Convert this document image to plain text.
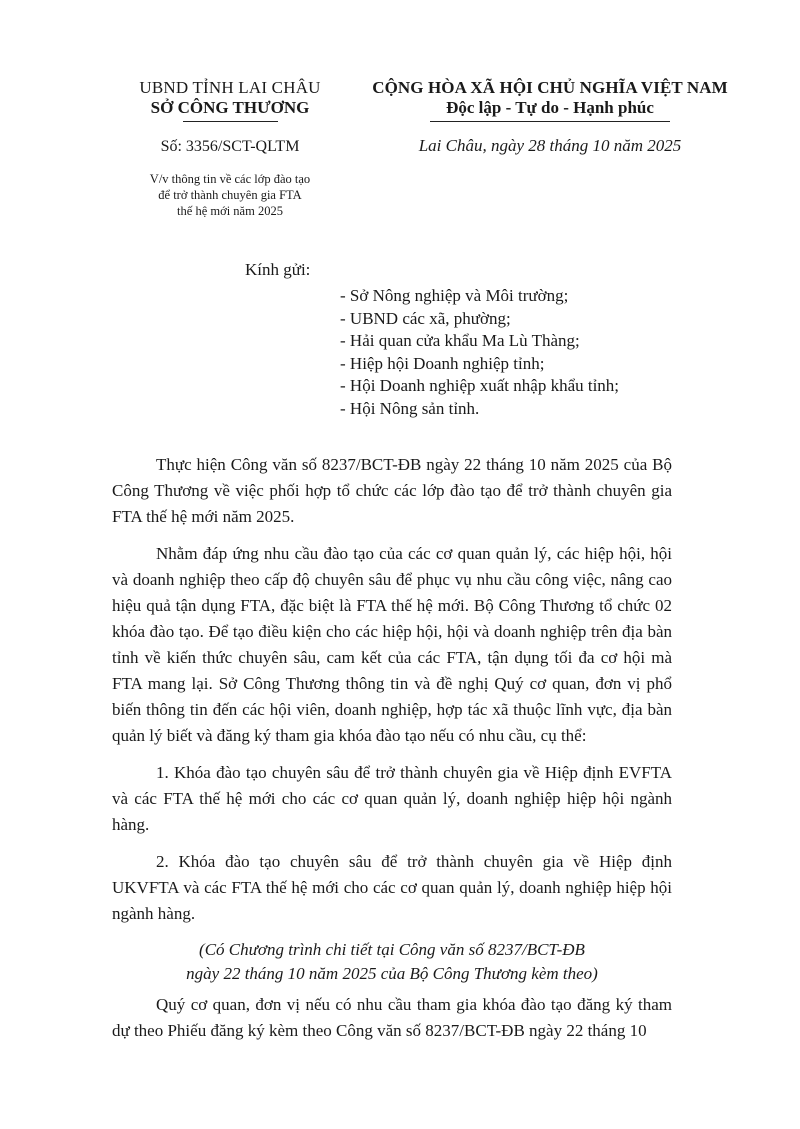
UBND TỈNH LAI CHÂU
SỞ CÔNG THƯƠNG
Số: 3356/SCT-QLTM
V/v thông tin về các lớp đào tạo
để trở thành chuyên gia FTA
thế hệ mới năm 2025
CỘNG HÒA XÃ HỘI CHỦ NGHĨA VIỆT NAM
Độc lập - Tự do - Hạnh phúc
Lai Châu, ngày 28 tháng 10 năm 2025
Kính gửi:
- Sở Nông nghiệp và Môi trường;
- UBND các xã, phường;
- Hải quan cửa khẩu Ma Lù Thàng;
- Hiệp hội Doanh nghiệp tỉnh;
- Hội Doanh nghiệp xuất nhập khẩu tỉnh;
- Hội Nông sản tỉnh.

Thực hiện Công văn số 8237/BCT-ĐB ngày 22 tháng 10 năm 2025 của Bộ Công Thương về việc phối hợp tổ chức các lớp đào tạo để trở thành chuyên gia FTA thế hệ mới năm 2025.

Nhằm đáp ứng nhu cầu đào tạo của các cơ quan quản lý, các hiệp hội, hội và doanh nghiệp theo cấp độ chuyên sâu để phục vụ nhu cầu công việc, nâng cao hiệu quả tận dụng FTA, đặc biệt là FTA thế hệ mới. Bộ Công Thương tổ chức 02 khóa đào tạo. Để tạo điều kiện cho các hiệp hội, hội và doanh nghiệp trên địa bàn tỉnh về kiến thức chuyên sâu, cam kết của các FTA, tận dụng tối đa cơ hội mà FTA mang lại. Sở Công Thương thông tin và đề nghị Quý cơ quan, đơn vị phổ biến thông tin đến các hội viên, doanh nghiệp, hợp tác xã thuộc lĩnh vực, địa bàn quản lý biết và đăng ký tham gia khóa đào tạo nếu có nhu cầu, cụ thể:

1. Khóa đào tạo chuyên sâu để trở thành chuyên gia về Hiệp định EVFTA và các FTA thế hệ mới cho các cơ quan quản lý, doanh nghiệp hiệp hội ngành hàng.

2. Khóa đào tạo chuyên sâu để trở thành chuyên gia về Hiệp định UKVFTA và các FTA thế hệ mới cho các cơ quan quản lý, doanh nghiệp hiệp hội ngành hàng.

(Có Chương trình chi tiết tại Công văn số 8237/BCT-ĐB
ngày 22 tháng 10 năm 2025 của Bộ Công Thương kèm theo)

Quý cơ quan, đơn vị nếu có nhu cầu tham gia khóa đào tạo đăng ký tham dự theo Phiếu đăng ký kèm theo Công văn số 8237/BCT-ĐB ngày 22 tháng 10
